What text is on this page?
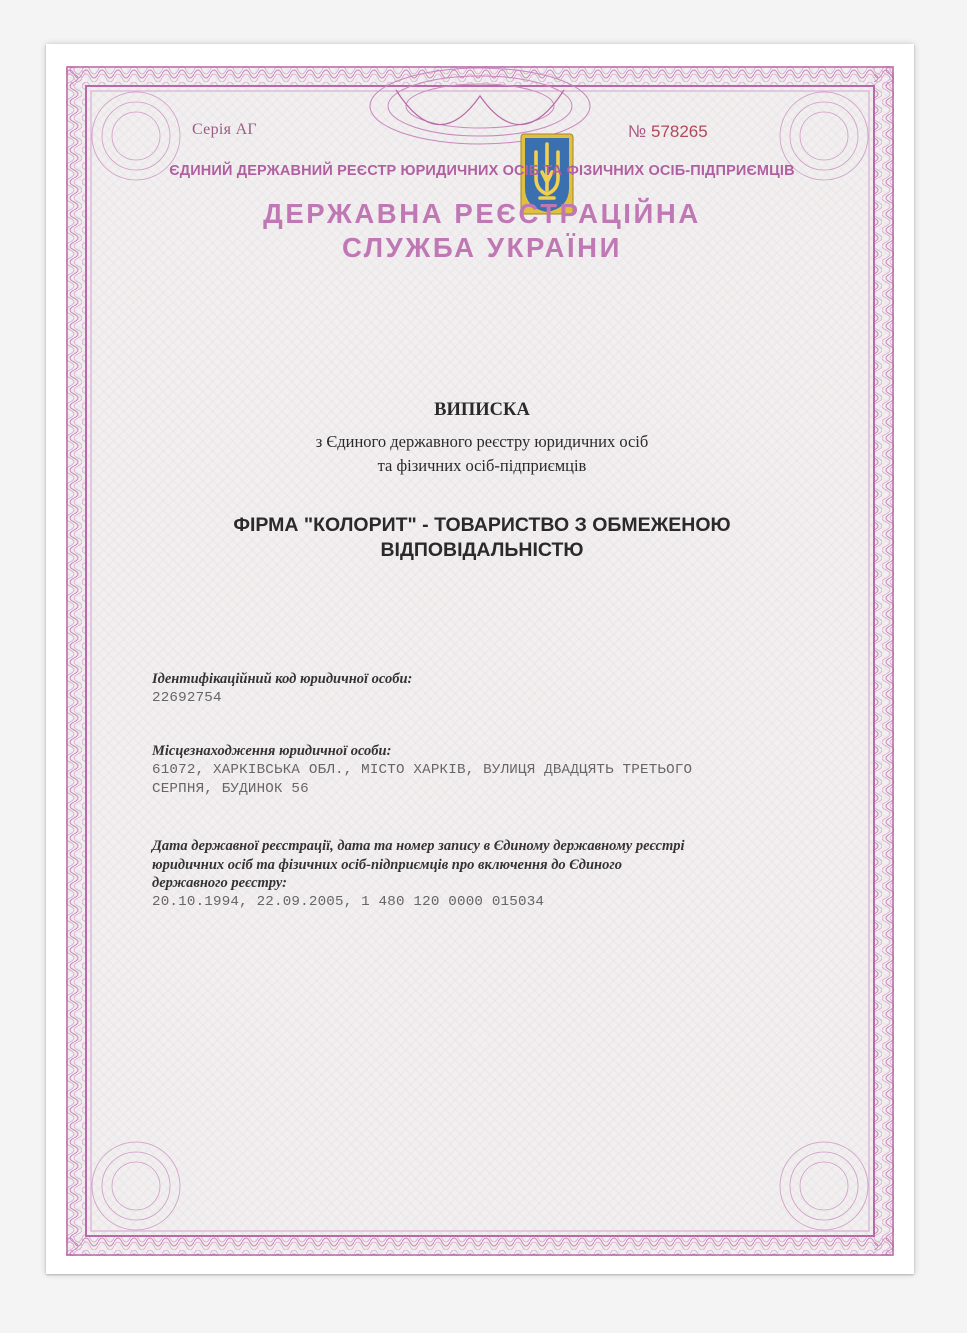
Серія АГ	№ 578265
ЄДИНИЙ ДЕРЖАВНИЙ РЕЄСТР ЮРИДИЧНИХ ОСІБ ТА ФІЗИЧНИХ ОСІБ-ПІДПРИЄМЦІВ
ДЕРЖАВНА РЕЄСТРАЦІЙНА
СЛУЖБА УКРАЇНИ
ВИПИСКА
з Єдиного державного реєстру юридичних осіб
та фізичних осіб-підприємців
ФІРМА "КОЛОРИТ" - ТОВАРИСТВО З ОБМЕЖЕНОЮ
ВІДПОВІДАЛЬНІСТЮ
Ідентифікаційний код юридичної особи:
22692754
Місцезнаходження юридичної особи:
61072, ХАРКІВСЬКА ОБЛ., МІСТО ХАРКІВ, ВУЛИЦЯ ДВАДЦЯТЬ ТРЕТЬОГО
СЕРПНЯ, БУДИНОК 56
Дата державної реєстрації, дата та номер запису в Єдиному державному реєстрі
юридичних осіб та фізичних осіб-підприємців про включення до Єдиного
державного реєстру:
20.10.1994, 22.09.2005, 1 480 120 0000 015034
